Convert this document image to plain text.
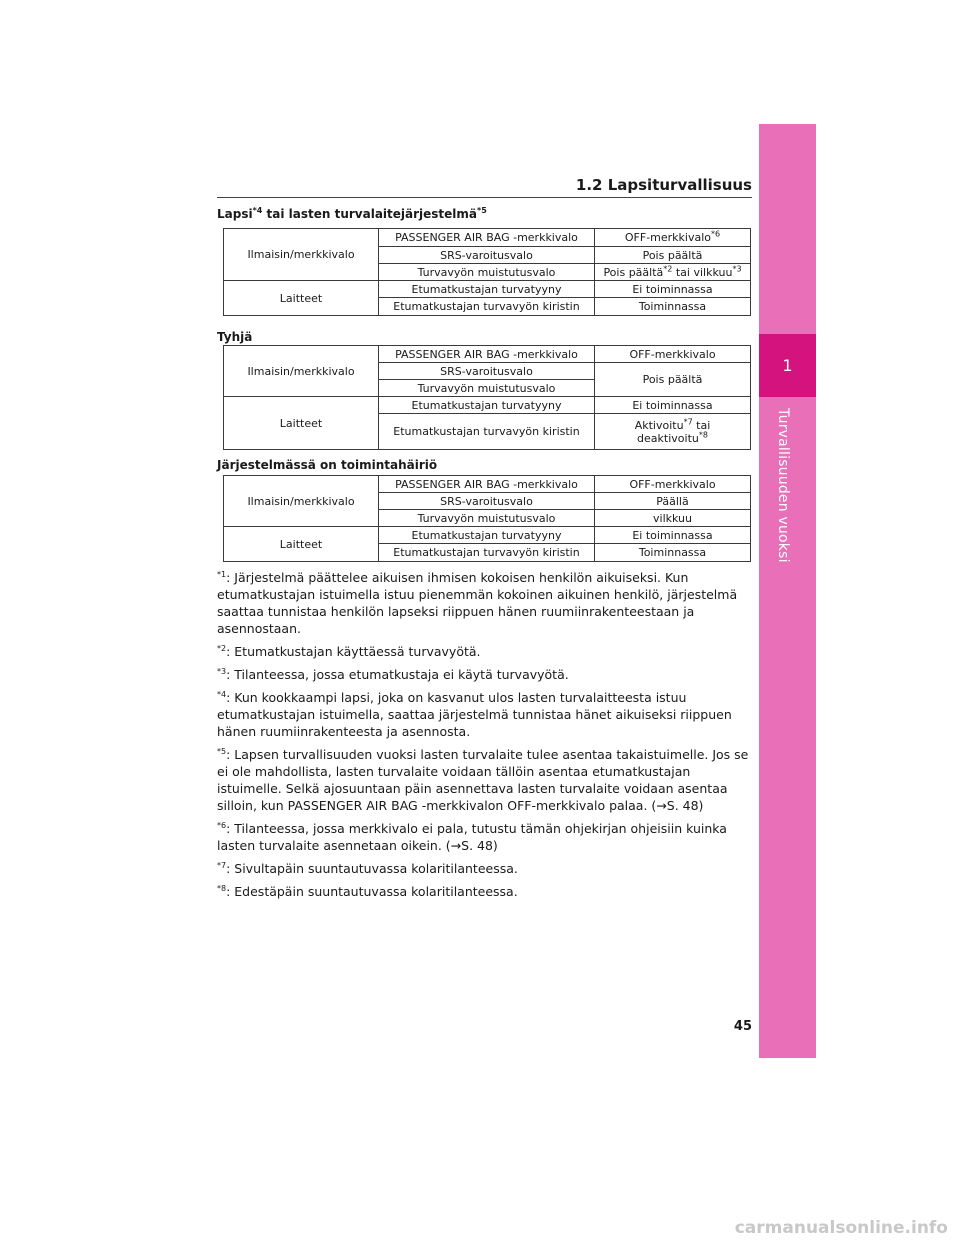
1
Turvallisuuden vuoksi
1.2 Lapsiturvallisuus
Lapsi$^{*4}$ tai lasten turvalaitejärjestelmä$^{*5}$
Ilmaisin/merkkivalo	PASSENGER AIR BAG -merkkivalo	OFF-merkkivalo$^{*6}$
	SRS-varoitusvalo	Pois päältä
	Turvavyön muistutusvalo	Pois päältä$^{*2}$ tai vilkkuu$^{*3}$
Laitteet	Etumatkustajan turvatyyny	Ei toiminnassa
	Etumatkustajan turvavyön kiristin	Toiminnassa
Tyhjä
Ilmaisin/merkkivalo	PASSENGER AIR BAG -merkkivalo	OFF-merkkivalo
	SRS-varoitusvalo	Pois päältä
	Turvavyön muistutusvalo	
Laitteet	Etumatkustajan turvatyyny	Ei toiminnassa
	Etumatkustajan turvavyön kiristin	Aktivoitu$^{*7}$ tai
deaktivoitu$^{*8}$
Järjestelmässä on toimintahäiriö
Ilmaisin/merkkivalo	PASSENGER AIR BAG -merkkivalo	OFF-merkkivalo
	SRS-varoitusvalo	Päällä
	Turvavyön muistutusvalo	vilkkuu
Laitteet	Etumatkustajan turvatyyny	Ei toiminnassa
	Etumatkustajan turvavyön kiristin	Toiminnassa

$^{*1}$: Järjestelmä päättelee aikuisen ihmisen kokoisen henkilön aikuiseksi. Kun etumatkustajan istuimella istuu pienemmän kokoinen aikuinen henkilö, järjestelmä saattaa tunnistaa henkilön lapseksi riippuen hänen ruumiinrakenteestaan ja asennostaan.

$^{*2}$: Etumatkustajan käyttäessä turvavyötä.

$^{*3}$: Tilanteessa, jossa etumatkustaja ei käytä turvavyötä.

$^{*4}$: Kun kookkaampi lapsi, joka on kasvanut ulos lasten turvalaitteesta istuu etumatkustajan istuimella, saattaa järjestelmä tunnistaa hänet aikuiseksi riippuen hänen ruumiinrakenteesta ja asennosta.

$^{*5}$: Lapsen turvallisuuden vuoksi lasten turvalaite tulee asentaa takaistuimelle. Jos se ei ole mahdollista, lasten turvalaite voidaan tällöin asentaa etumatkustajan istuimelle. Selkä ajosuuntaan päin asennettava lasten turvalaite voidaan asentaa silloin, kun PASSENGER AIR BAG -merkkivalon OFF-merkkivalo palaa. (→S. 48)

$^{*6}$: Tilanteessa, jossa merkkivalo ei pala, tutustu tämän ohjekirjan ohjeisiin kuinka lasten turvalaite asennetaan oikein. (→S. 48)

$^{*7}$: Sivultapäin suuntautuvassa kolaritilanteessa.

$^{*8}$: Edestäpäin suuntautuvassa kolaritilanteessa.

45
carmanualsonline.info
